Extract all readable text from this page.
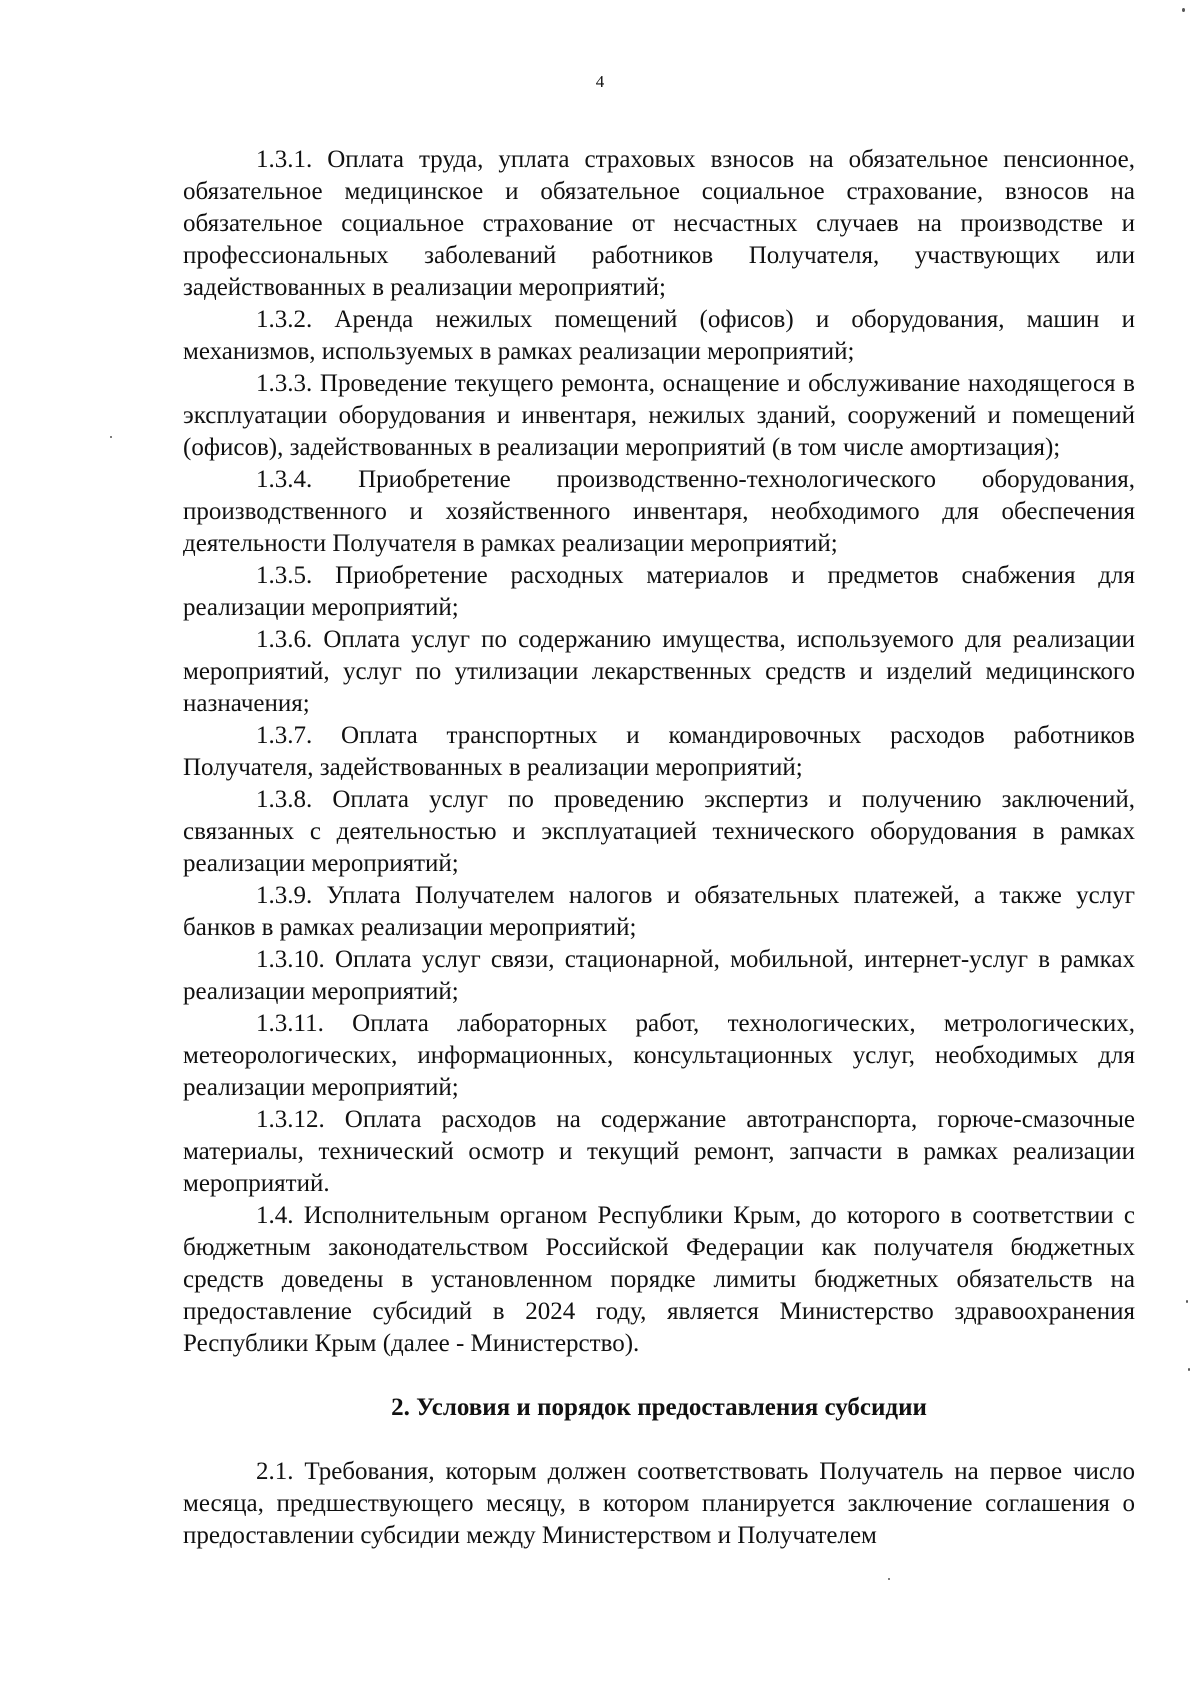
4

1.3.1. Оплата труда, уплата страховых взносов на обязательное пенсионное, обязательное медицинское и обязательное социальное страхование, взносов на обязательное социальное страхование от несчастных случаев на производстве и профессиональных заболеваний работников Получателя, участвующих или задействованных в реализации мероприятий;

1.3.2. Аренда нежилых помещений (офисов) и оборудования, машин и механизмов, используемых в рамках реализации мероприятий;

1.3.3. Проведение текущего ремонта, оснащение и обслуживание находящегося в эксплуатации оборудования и инвентаря, нежилых зданий, сооружений и помещений (офисов), задействованных в реализации мероприятий (в том числе амортизация);

1.3.4. Приобретение производственно-технологического оборудования, производственного и хозяйственного инвентаря, необходимого для обеспечения деятельности Получателя в рамках реализации мероприятий;

1.3.5. Приобретение расходных материалов и предметов снабжения для реализации мероприятий;

1.3.6. Оплата услуг по содержанию имущества, используемого для реализации мероприятий, услуг по утилизации лекарственных средств и изделий медицинского назначения;

1.3.7. Оплата транспортных и командировочных расходов работников Получателя, задействованных в реализации мероприятий;

1.3.8. Оплата услуг по проведению экспертиз и получению заключений, связанных с деятельностью и эксплуатацией технического оборудования в рамках реализации мероприятий;

1.3.9. Уплата Получателем налогов и обязательных платежей, а также услуг банков в рамках реализации мероприятий;

1.3.10. Оплата услуг связи, стационарной, мобильной, интернет-услуг в рамках реализации мероприятий;

1.3.11. Оплата лабораторных работ, технологических, метрологических, метеорологических, информационных, консультационных услуг, необходимых для реализации мероприятий;

1.3.12. Оплата расходов на содержание автотранспорта, горюче-смазочные материалы, технический осмотр и текущий ремонт, запчасти в рамках реализации мероприятий.

1.4. Исполнительным органом Республики Крым, до которого в соответствии с бюджетным законодательством Российской Федерации как получателя бюджетных средств доведены в установленном порядке лимиты бюджетных обязательств на предоставление субсидий в 2024 году, является Министерство здравоохранения Республики Крым (далее - Министерство).

2. Условия и порядок предоставления субсидии

2.1. Требования, которым должен соответствовать Получатель на первое число месяца, предшествующего месяцу, в котором планируется заключение соглашения о предоставлении субсидии между Министерством и Получателем
